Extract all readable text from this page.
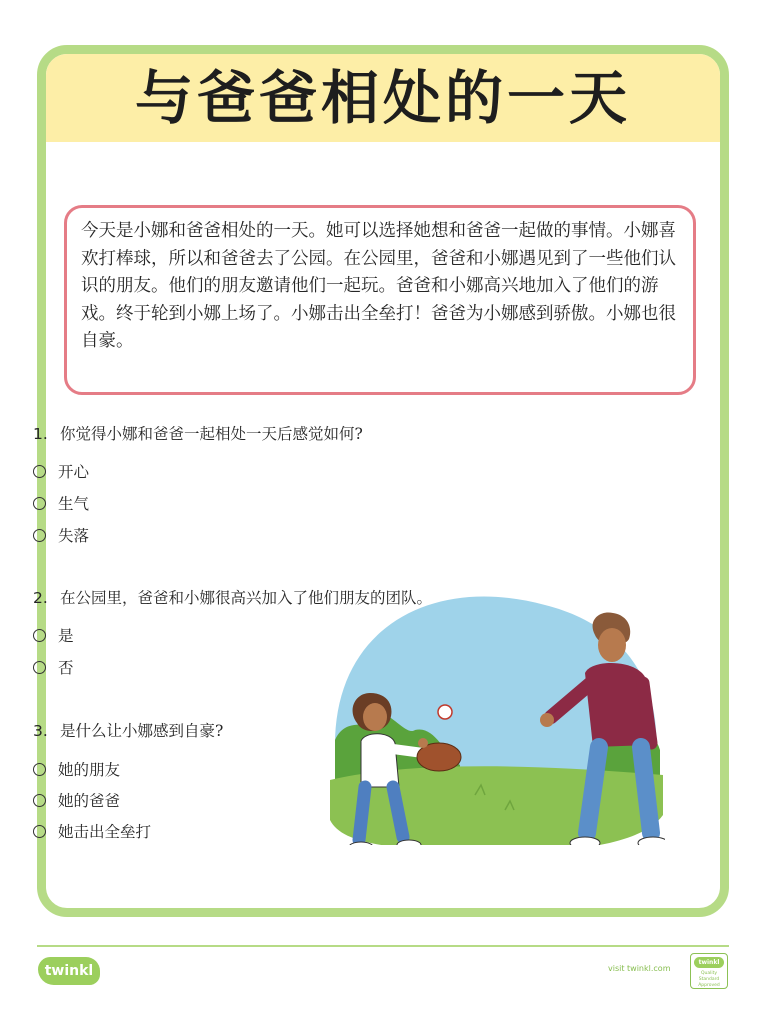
与爸爸相处的一天
今天是小娜和爸爸相处的一天。她可以选择她想和爸爸一起做的事情。小娜喜欢打棒球，所以和爸爸去了公园。在公园里，爸爸和小娜遇见到了一些他们认识的朋友。他们的朋友邀请他们一起玩。爸爸和小娜高兴地加入了他们的游戏。终于轮到小娜上场了。小娜击出全垒打！爸爸为小娜感到骄傲。小娜也很自豪。
1. 你觉得小娜和爸爸一起相处一天后感觉如何?
开心
生气
失落
2. 在公园里，爸爸和小娜很高兴加入了他们朋友的团队。
是
否
3. 是什么让小娜感到自豪?
她的朋友
她的爸爸
她击出全垒打
twinkl	visit twinkl.com
twinkl
Quality Standard Approved
